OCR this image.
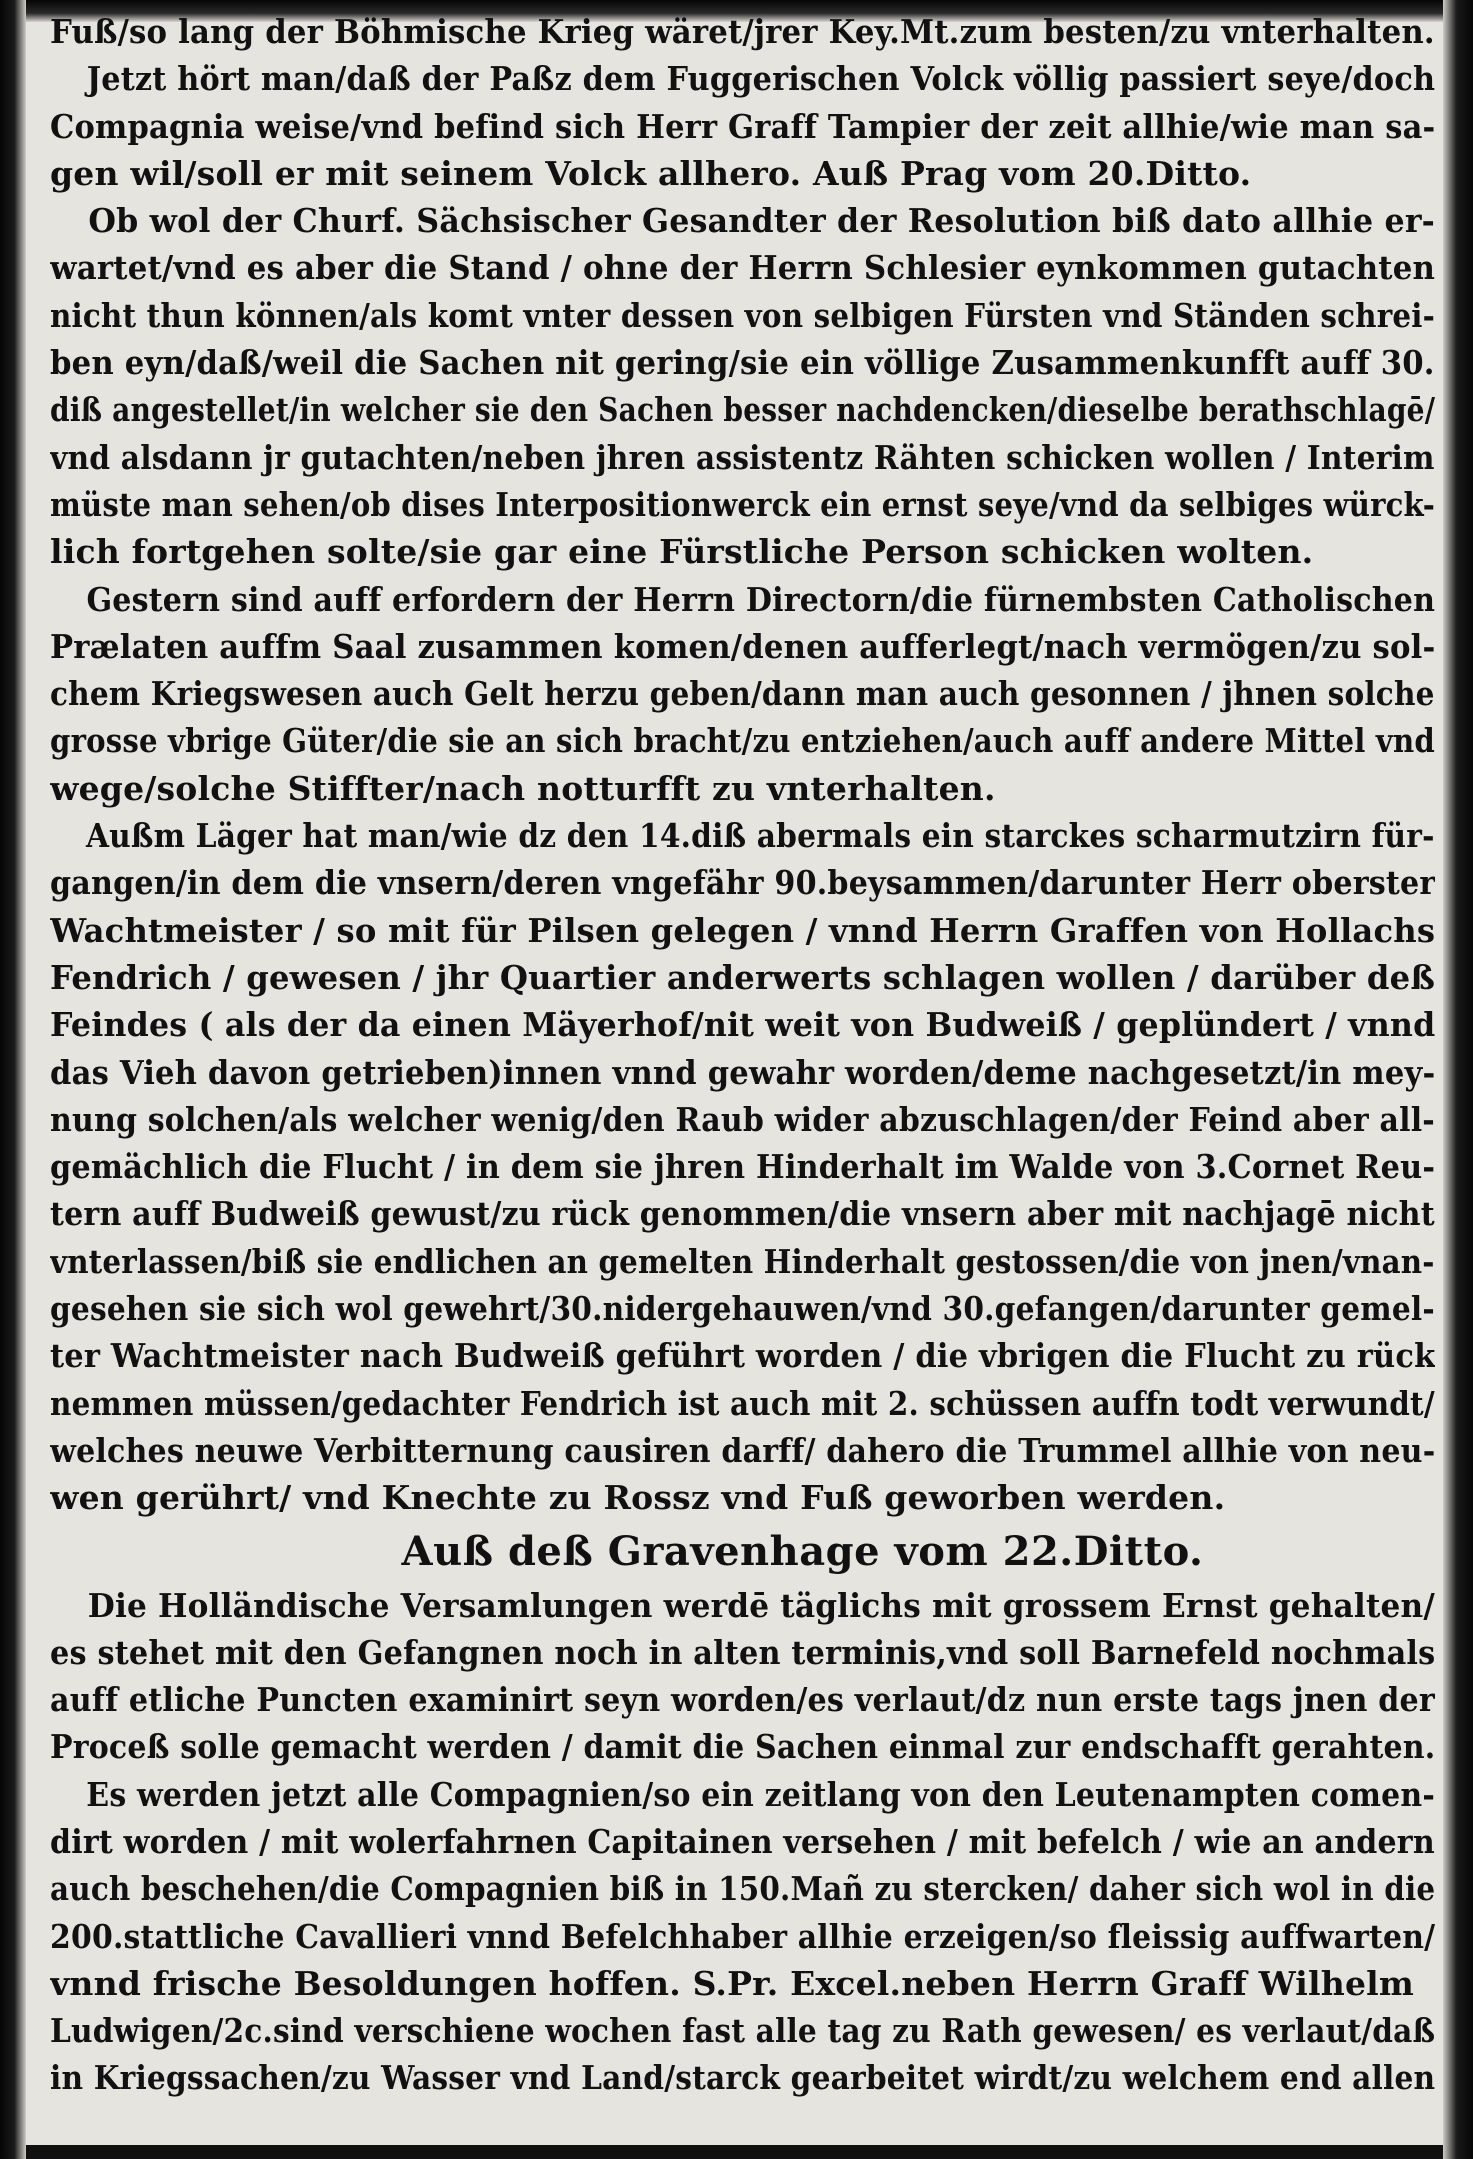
Fuß/so lang der Böhmische Krieg wäret/jrer Key.Mt.zum besten/zu vnterhalten.
Jetzt hört man/daß der Paßz dem Fuggerischen Volck völlig passiert seye/doch
Compagnia weise/vnd befind sich Herr Graff Tampier der zeit allhie/wie man sa-
gen wil/soll er mit seinem Volck allhero. Auß Prag vom 20.Ditto.
Ob wol der Churf. Sächsischer Gesandter der Resolution biß dato allhie er-
wartet/vnd es aber die Stand / ohne der Herrn Schlesier eynkommen gutachten
nicht thun können/als komt vnter dessen von selbigen Fürsten vnd Ständen schrei-
ben eyn/daß/weil die Sachen nit gering/sie ein völlige Zusammenkunfft auff 30.
diß angestellet/in welcher sie den Sachen besser nachdencken/dieselbe berathschlagē/
vnd alsdann jr gutachten/neben jhren assistentz Rähten schicken wollen / Interim
müste man sehen/ob dises Interpositionwerck ein ernst seye/vnd da selbiges würck-
lich fortgehen solte/sie gar eine Fürstliche Person schicken wolten.
Gestern sind auff erfordern der Herrn Directorn/die fürnembsten Catholischen
Prælaten auffm Saal zusammen komen/denen aufferlegt/nach vermögen/zu sol-
chem Kriegswesen auch Gelt herzu geben/dann man auch gesonnen / jhnen solche
grosse vbrige Güter/die sie an sich bracht/zu entziehen/auch auff andere Mittel vnd
wege/solche Stiffter/nach notturfft zu vnterhalten.
Außm Läger hat man/wie dz den 14.diß abermals ein starckes scharmutzirn für-
gangen/in dem die vnsern/deren vngefähr 90.beysammen/darunter Herr oberster
Wachtmeister / so mit für Pilsen gelegen / vnnd Herrn Graffen von Hollachs
Fendrich / gewesen / jhr Quartier anderwerts schlagen wollen / darüber deß
Feindes ( als der da einen Mäyerhof/nit weit von Budweiß / geplündert / vnnd
das Vieh davon getrieben)innen vnnd gewahr worden/deme nachgesetzt/in mey-
nung solchen/als welcher wenig/den Raub wider abzuschlagen/der Feind aber all-
gemächlich die Flucht / in dem sie jhren Hinderhalt im Walde von 3.Cornet Reu-
tern auff Budweiß gewust/zu rück genommen/die vnsern aber mit nachjagē nicht
vnterlassen/biß sie endlichen an gemelten Hinderhalt gestossen/die von jnen/vnan-
gesehen sie sich wol gewehrt/30.nidergehauwen/vnd 30.gefangen/darunter gemel-
ter Wachtmeister nach Budweiß geführt worden / die vbrigen die Flucht zu rück
nemmen müssen/gedachter Fendrich ist auch mit 2. schüssen auffn todt verwundt/
welches neuwe Verbitternung causiren darff/ dahero die Trummel allhie von neu-
wen gerührt/ vnd Knechte zu Rossz vnd Fuß geworben werden.
Auß deß Gravenhage vom 22.Ditto.
Die Holländische Versamlungen werdē täglichs mit grossem Ernst gehalten/
es stehet mit den Gefangnen noch in alten terminis,vnd soll Barnefeld nochmals
auff etliche Puncten examinirt seyn worden/es verlaut/dz nun erste tags jnen der
Proceß solle gemacht werden / damit die Sachen einmal zur endschafft gerahten.
Es werden jetzt alle Compagnien/so ein zeitlang von den Leutenampten comen-
dirt worden / mit wolerfahrnen Capitainen versehen / mit befelch / wie an andern
auch beschehen/die Compagnien biß in 150.Mañ zu stercken/ daher sich wol in die
200.stattliche Cavallieri vnnd Befelchhaber allhie erzeigen/so fleissig auffwarten/
vnnd frische Besoldungen hoffen. S.Pr. Excel.neben Herrn Graff Wilhelm
Ludwigen/2c.sind verschiene wochen fast alle tag zu Rath gewesen/ es verlaut/daß
in Kriegssachen/zu Wasser vnd Land/starck gearbeitet wirdt/zu welchem end allen
